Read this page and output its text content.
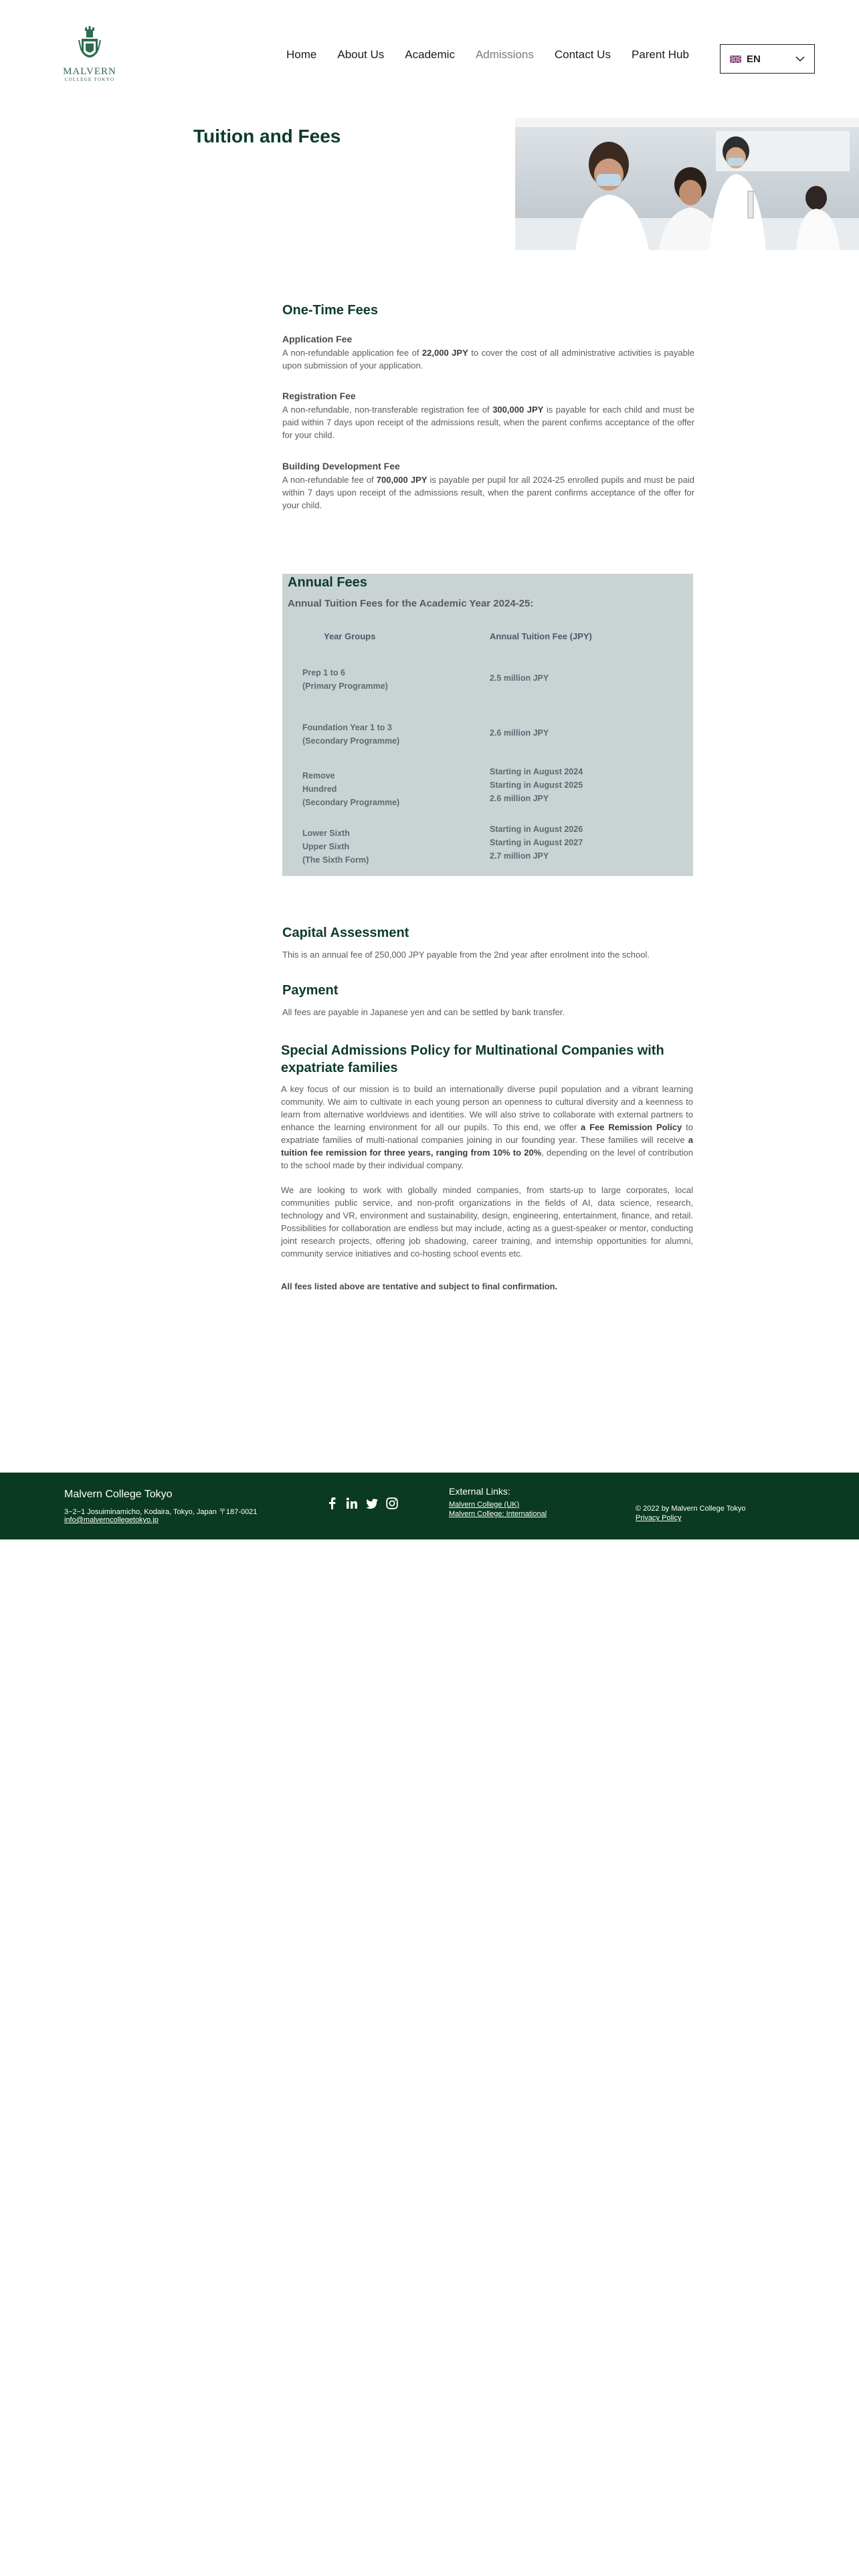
MALVERN
COLLEGE TOKYO
Home About Us Academic Admissions Contact Us Parent Hub	EN
Tuition and Fees
One-Time Fees
Application Fee
A non-refundable application fee of 22,000 JPY to cover the cost of all administrative activities is payable upon submission of your application.
Registration Fee
A non-refundable, non-transferable registration fee of 300,000 JPY is payable for each child and must be paid within 7 days upon receipt of the admissions result, when the parent confirms acceptance of the offer for your child.
Building Development Fee
A non-refundable fee of 700,000 JPY is payable per pupil for all 2024-25 enrolled pupils and must be paid within 7 days upon receipt of the admissions result, when the parent confirms acceptance of the offer for your child.
Annual Fees
Annual Tuition Fees for the Academic Year 2024-25:
Year Groups	Annual Tuition Fee (JPY)
Prep 1 to 6
(Primary Programme)
2.5 million JPY
Foundation Year 1 to 3
(Secondary Programme)
2.6 million JPY
Remove
Hundred
(Secondary Programme)
Starting in August 2024
Starting in August 2025
2.6 million JPY
Lower Sixth
Upper Sixth
(The Sixth Form)
Starting in August 2026
Starting in August 2027
2.7 million JPY
Capital Assessment
This is an annual fee of 250,000 JPY payable from the 2nd year after enrolment into the school.
Payment
All fees are payable in Japanese yen and can be settled by bank transfer.
Special Admissions Policy for Multinational Companies with expatriate families
A key focus of our mission is to build an internationally diverse pupil population and a vibrant learning community. We aim to cultivate in each young person an openness to cultural diversity and a keenness to learn from alternative worldviews and identities. We will also strive to collaborate with external partners to enhance the learning environment for all our pupils. To this end, we offer a Fee Remission Policy to expatriate families of multi-national companies joining in our founding year. These families will receive a tuition fee remission for three years, ranging from 10% to 20%, depending on the level of contribution to the school made by their individual company.
We are looking to work with globally minded companies, from starts-up to large corporates, local communities public service, and non-profit organizations in the fields of AI, data science, research, technology and VR, environment and sustainability, design, engineering, entertainment, finance, and retail. Possibilities for collaboration are endless but may include, acting as a guest-speaker or mentor, conducting joint research projects, offering job shadowing, career training, and internship opportunities for alumni, community service initiatives and co-hosting school events etc.
All fees listed above are tentative and subject to final confirmation.
Malvern College Tokyo
3−2−1 Josuiminamicho, Kodaira, Tokyo, Japan 〒187-0021
info@malverncollegetokyo.jp
External Links:
Malvern College (UK)
Malvern College: International
© 2022 by Malvern College Tokyo
Privacy Policy
